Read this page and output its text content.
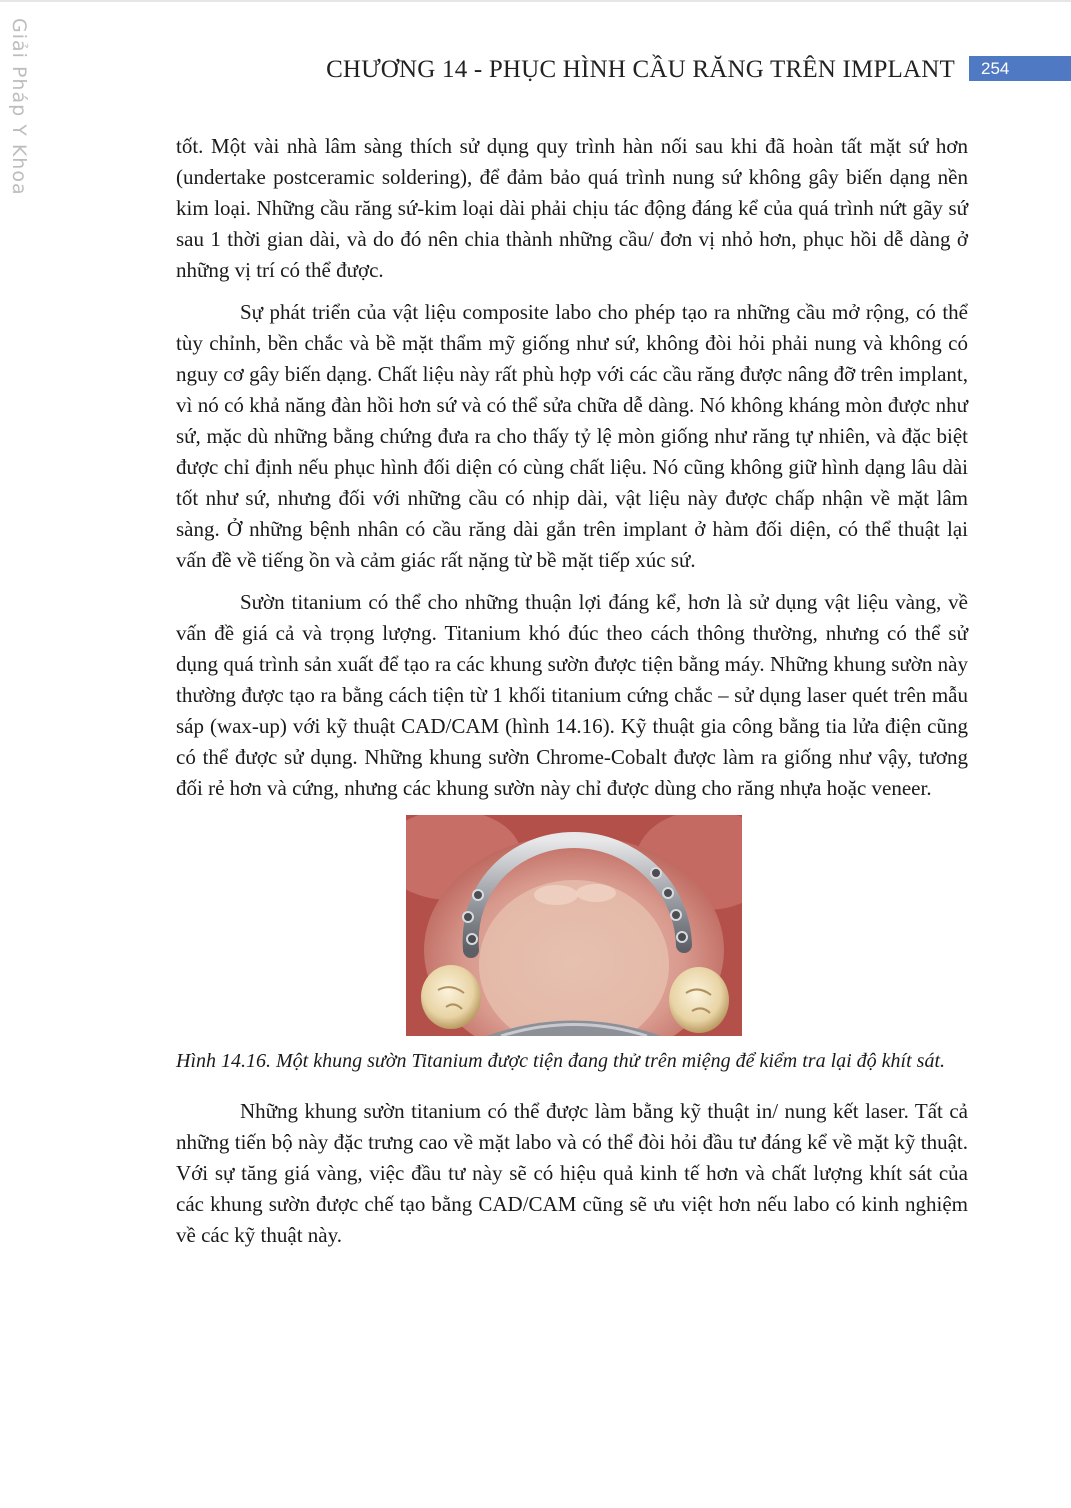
Giải Pháp Y Khoa	CHƯƠNG 14 - PHỤC HÌNH CẦU RĂNG TRÊN IMPLANT	254

tốt. Một vài nhà lâm sàng thích sử dụng quy trình hàn nối sau khi đã hoàn tất mặt sứ hơn (undertake postceramic soldering), để đảm bảo quá trình nung sứ không gây biến dạng nền kim loại. Những cầu răng sứ-kim loại dài phải chịu tác động đáng kể của quá trình nứt gãy sứ sau 1 thời gian dài, và do đó nên chia thành những cầu/ đơn vị nhỏ hơn, phục hồi dễ dàng ở những vị trí có thể được.

Sự phát triển của vật liệu composite labo cho phép tạo ra những cầu mở rộng, có thể tùy chỉnh, bền chắc và bề mặt thẩm mỹ giống như sứ, không đòi hỏi phải nung và không có nguy cơ gây biến dạng. Chất liệu này rất phù hợp với các cầu răng được nâng đỡ trên implant, vì nó có khả năng đàn hồi hơn sứ và có thể sửa chữa dễ dàng. Nó không kháng mòn được như sứ, mặc dù những bằng chứng đưa ra cho thấy tỷ lệ mòn giống như răng tự nhiên, và đặc biệt được chỉ định nếu phục hình đối diện có cùng chất liệu. Nó cũng không giữ hình dạng lâu dài tốt như sứ, nhưng đối với những cầu có nhịp dài, vật liệu này được chấp nhận về mặt lâm sàng. Ở những bệnh nhân có cầu răng dài gắn trên implant ở hàm đối diện, có thể thuật lại vấn đề về tiếng ồn và cảm giác rất nặng từ bề mặt tiếp xúc sứ.

Sườn titanium có thể cho những thuận lợi đáng kể, hơn là sử dụng vật liệu vàng, về vấn đề giá cả và trọng lượng. Titanium khó đúc theo cách thông thường, nhưng có thể sử dụng quá trình sản xuất để tạo ra các khung sườn được tiện bằng máy. Những khung sườn này thường được tạo ra bằng cách tiện từ 1 khối titanium cứng chắc – sử dụng laser quét trên mẫu sáp (wax-up) với kỹ thuật CAD/CAM (hình 14.16). Kỹ thuật gia công bằng tia lửa điện cũng có thể được sử dụng. Những khung sườn Chrome-Cobalt được làm ra giống như vậy, tương đối rẻ hơn và cứng, nhưng các khung sườn này chỉ được dùng cho răng nhựa hoặc veneer.

Hình 14.16. Một khung sườn Titanium được tiện đang thử trên miệng để kiểm tra lại độ khít sát.

Những khung sườn titanium có thể được làm bằng kỹ thuật in/ nung kết laser. Tất cả những tiến bộ này đặc trưng cao về mặt labo và có thể đòi hỏi đầu tư đáng kể về mặt kỹ thuật. Với sự tăng giá vàng, việc đầu tư này sẽ có hiệu quả kinh tế hơn và chất lượng khít sát của các khung sườn được chế tạo bằng CAD/CAM cũng sẽ ưu việt hơn nếu labo có kinh nghiệm về các kỹ thuật này.
